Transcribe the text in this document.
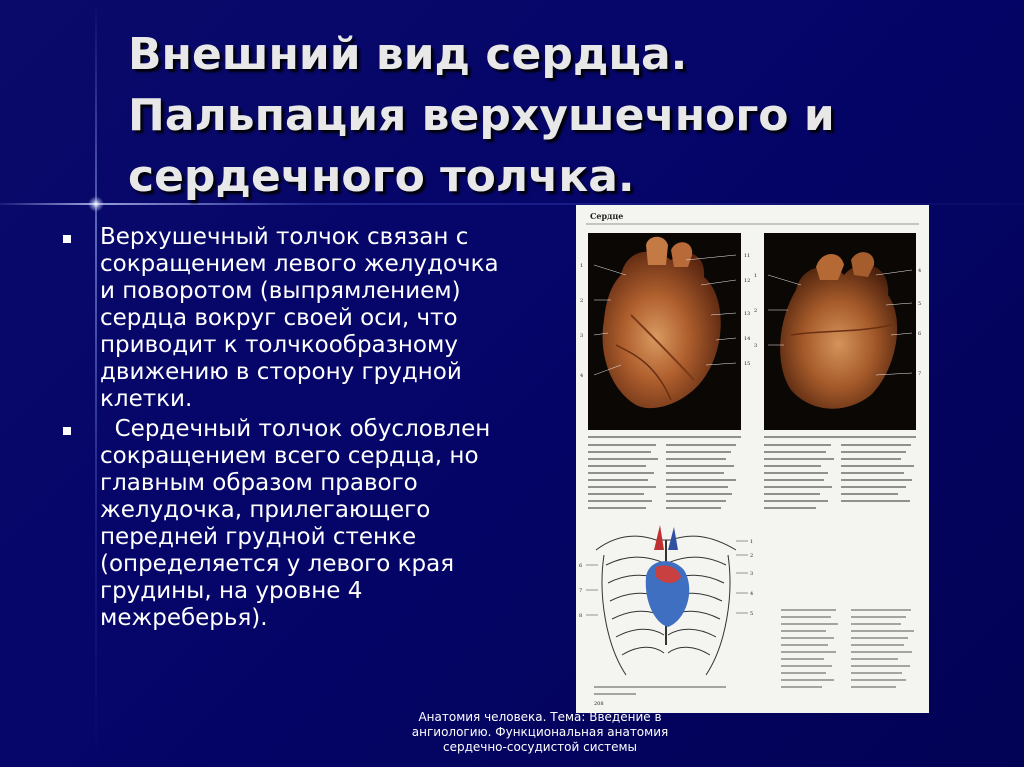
Внешний вид сердца.
Пальпация верхушечного и
сердечного толчка.
Верхушечный толчок связан с сокращением левого желудочка и поворотом (выпрямлением) сердца вокруг своей оси, что приводит к толчкообразному движению в сторону грудной клетки.
Сердечный толчок обусловлен сокращением всего сердца, но главным образом правого желудочка, прилегающего передней грудной стенке (определяется у левого края грудины, на уровне 4 межреберья).
Сердце
1
2
3
4
11
12
13
14
15
1
2
3
4
5
6
7
1
2
3
4
5
6
7
8
208

Анатомия человека. Тема: Введение в ангиологию. Функциональная анатомия сердечно-сосудистой системы
